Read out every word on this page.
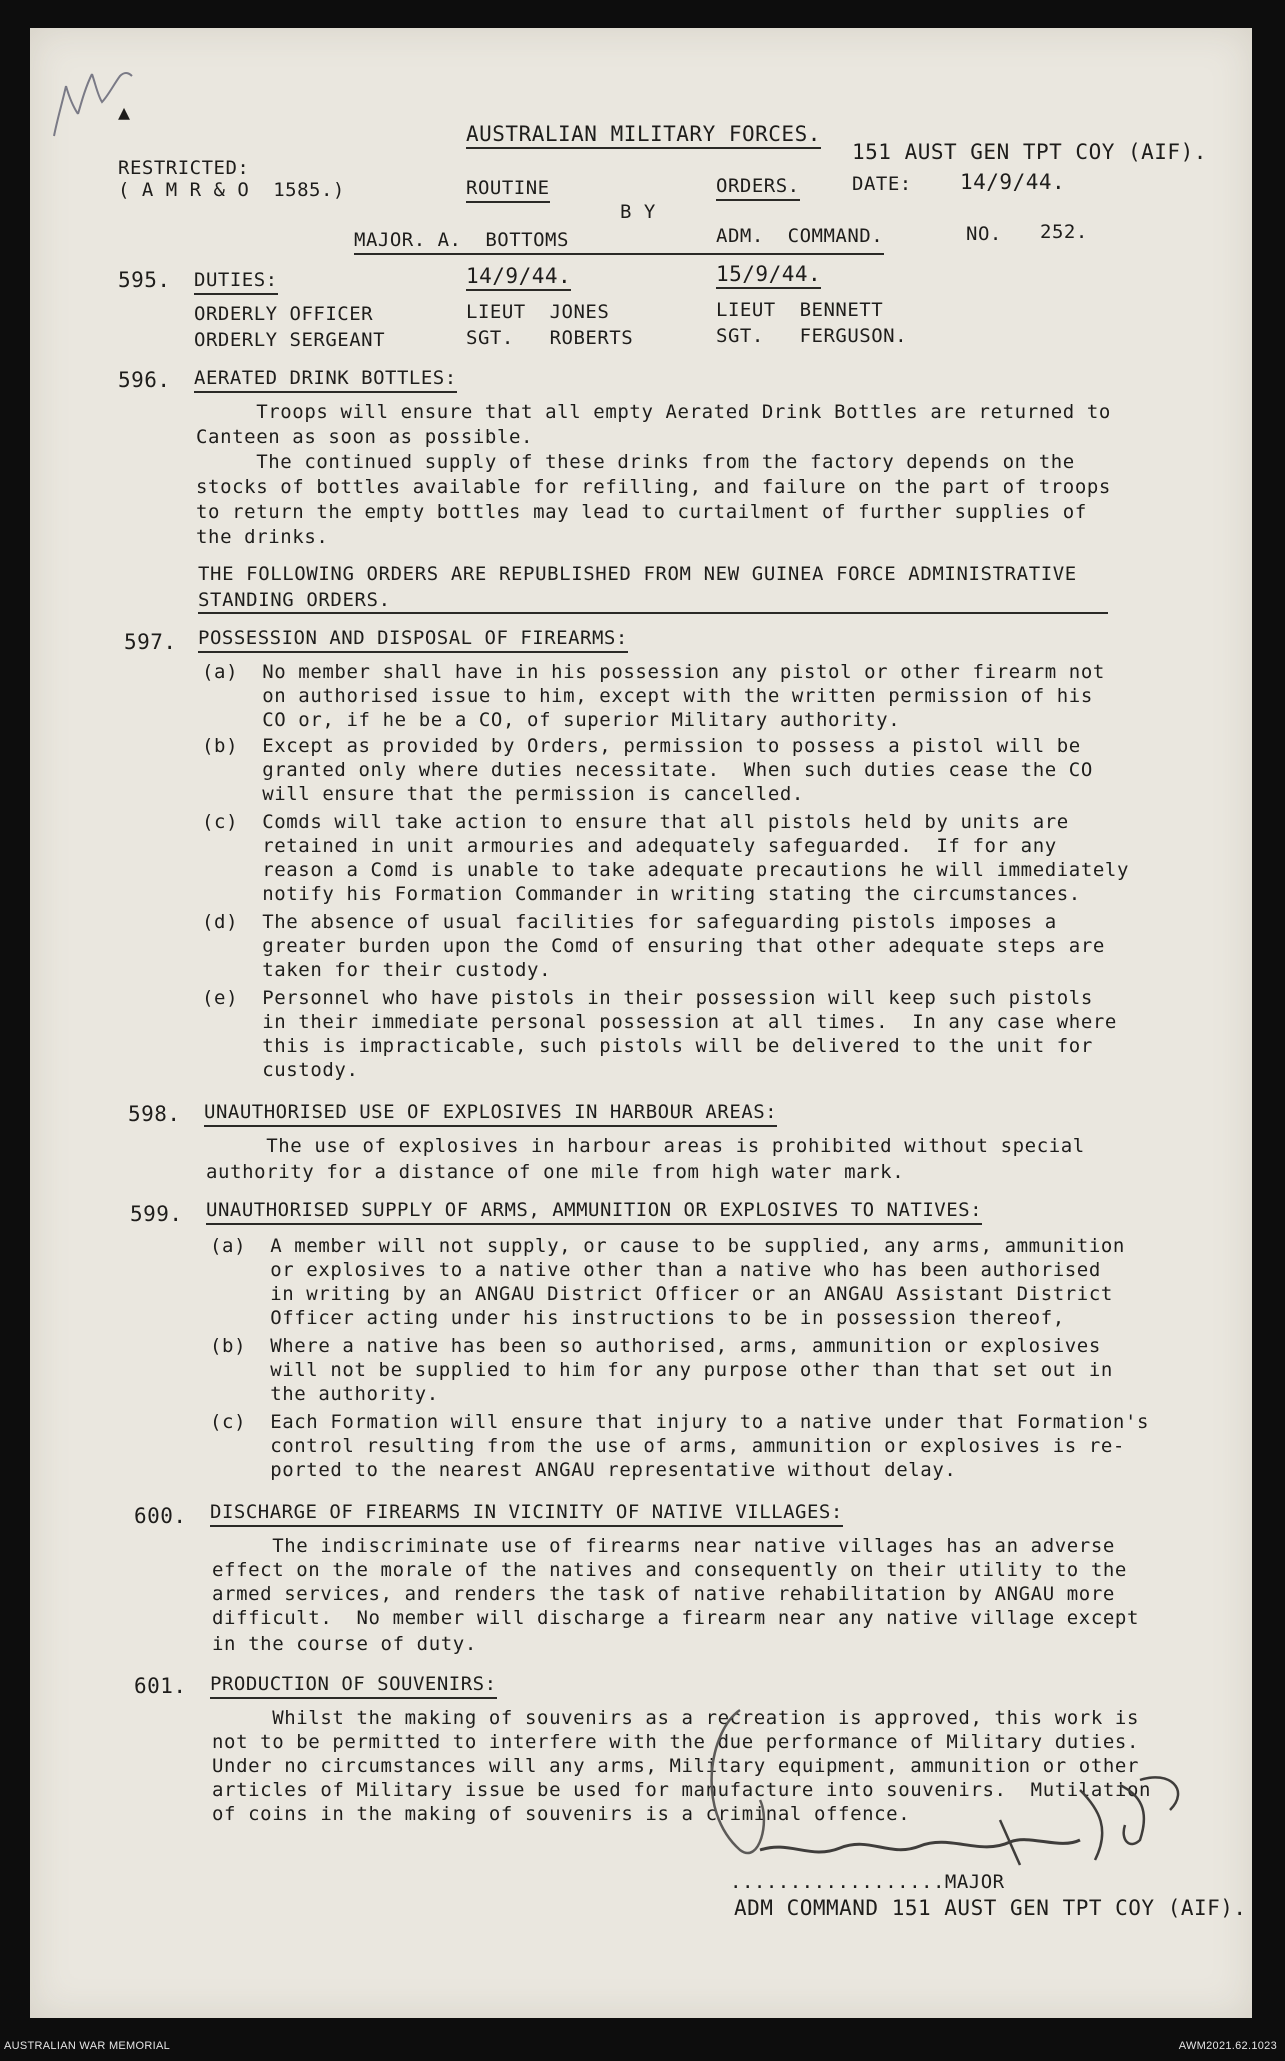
▲
AUSTRALIAN MILITARY FORCES.
151 AUST GEN TPT COY (AIF).
RESTRICTED:
( A M R & O  1585.)	ROUTINE	ORDERS.	DATE: 14/9/44.
B Y
MAJOR. A.  BOTTOMS	ADM.  COMMAND.	NO. 252.
595. DUTIES:	14/9/44.	15/9/44.
ORDERLY OFFICER	LIEUT  JONES	LIEUT  BENNETT
ORDERLY SERGEANT	SGT.   ROBERTS	SGT.   FERGUSON.
596. AERATED DRINK BOTTLES:
Troops will ensure that all empty Aerated Drink Bottles are returned to
Canteen as soon as possible.
The continued supply of these drinks from the factory depends on the
stocks of bottles available for refilling, and failure on the part of troops
to return the empty bottles may lead to curtailment of further supplies of
the drinks.
THE FOLLOWING ORDERS ARE REPUBLISHED FROM NEW GUINEA FORCE ADMINISTRATIVE
STANDING ORDERS.
597. POSSESSION AND DISPOSAL OF FIREARMS:
(a)  No member shall have in his possession any pistol or other firearm not
on authorised issue to him, except with the written permission of his
CO or, if he be a CO, of superior Military authority.
(b)  Except as provided by Orders, permission to possess a pistol will be
granted only where duties necessitate.  When such duties cease the CO
will ensure that the permission is cancelled.
(c)  Comds will take action to ensure that all pistols held by units are
retained in unit armouries and adequately safeguarded.  If for any
reason a Comd is unable to take adequate precautions he will immediately
notify his Formation Commander in writing stating the circumstances.
(d)  The absence of usual facilities for safeguarding pistols imposes a
greater burden upon the Comd of ensuring that other adequate steps are
taken for their custody.
(e)  Personnel who have pistols in their possession will keep such pistols
in their immediate personal possession at all times.  In any case where
this is impracticable, such pistols will be delivered to the unit for
custody.
598. UNAUTHORISED USE OF EXPLOSIVES IN HARBOUR AREAS:
The use of explosives in harbour areas is prohibited without special
authority for a distance of one mile from high water mark.
599. UNAUTHORISED SUPPLY OF ARMS, AMMUNITION OR EXPLOSIVES TO NATIVES:
(a)  A member will not supply, or cause to be supplied, any arms, ammunition
or explosives to a native other than a native who has been authorised
in writing by an ANGAU District Officer or an ANGAU Assistant District
Officer acting under his instructions to be in possession thereof,
(b)  Where a native has been so authorised, arms, ammunition or explosives
will not be supplied to him for any purpose other than that set out in
the authority.
(c)  Each Formation will ensure that injury to a native under that Formation's
control resulting from the use of arms, ammunition or explosives is re-
ported to the nearest ANGAU representative without delay.
600. DISCHARGE OF FIREARMS IN VICINITY OF NATIVE VILLAGES:
The indiscriminate use of firearms near native villages has an adverse
effect on the morale of the natives and consequently on their utility to the
armed services, and renders the task of native rehabilitation by ANGAU more
difficult.  No member will discharge a firearm near any native village except
in the course of duty.
601. PRODUCTION OF SOUVENIRS:
Whilst the making of souvenirs as a recreation is approved, this work is
not to be permitted to interfere with the due performance of Military duties.
Under no circumstances will any arms, Military equipment, ammunition or other
articles of Military issue be used for manufacture into souvenirs.  Mutilation
of coins in the making of souvenirs is a criminal offence.
..................MAJOR
ADM COMMAND 151 AUST GEN TPT COY (AIF).
AUSTRALIAN WAR MEMORIAL	AWM2021.62.1023
